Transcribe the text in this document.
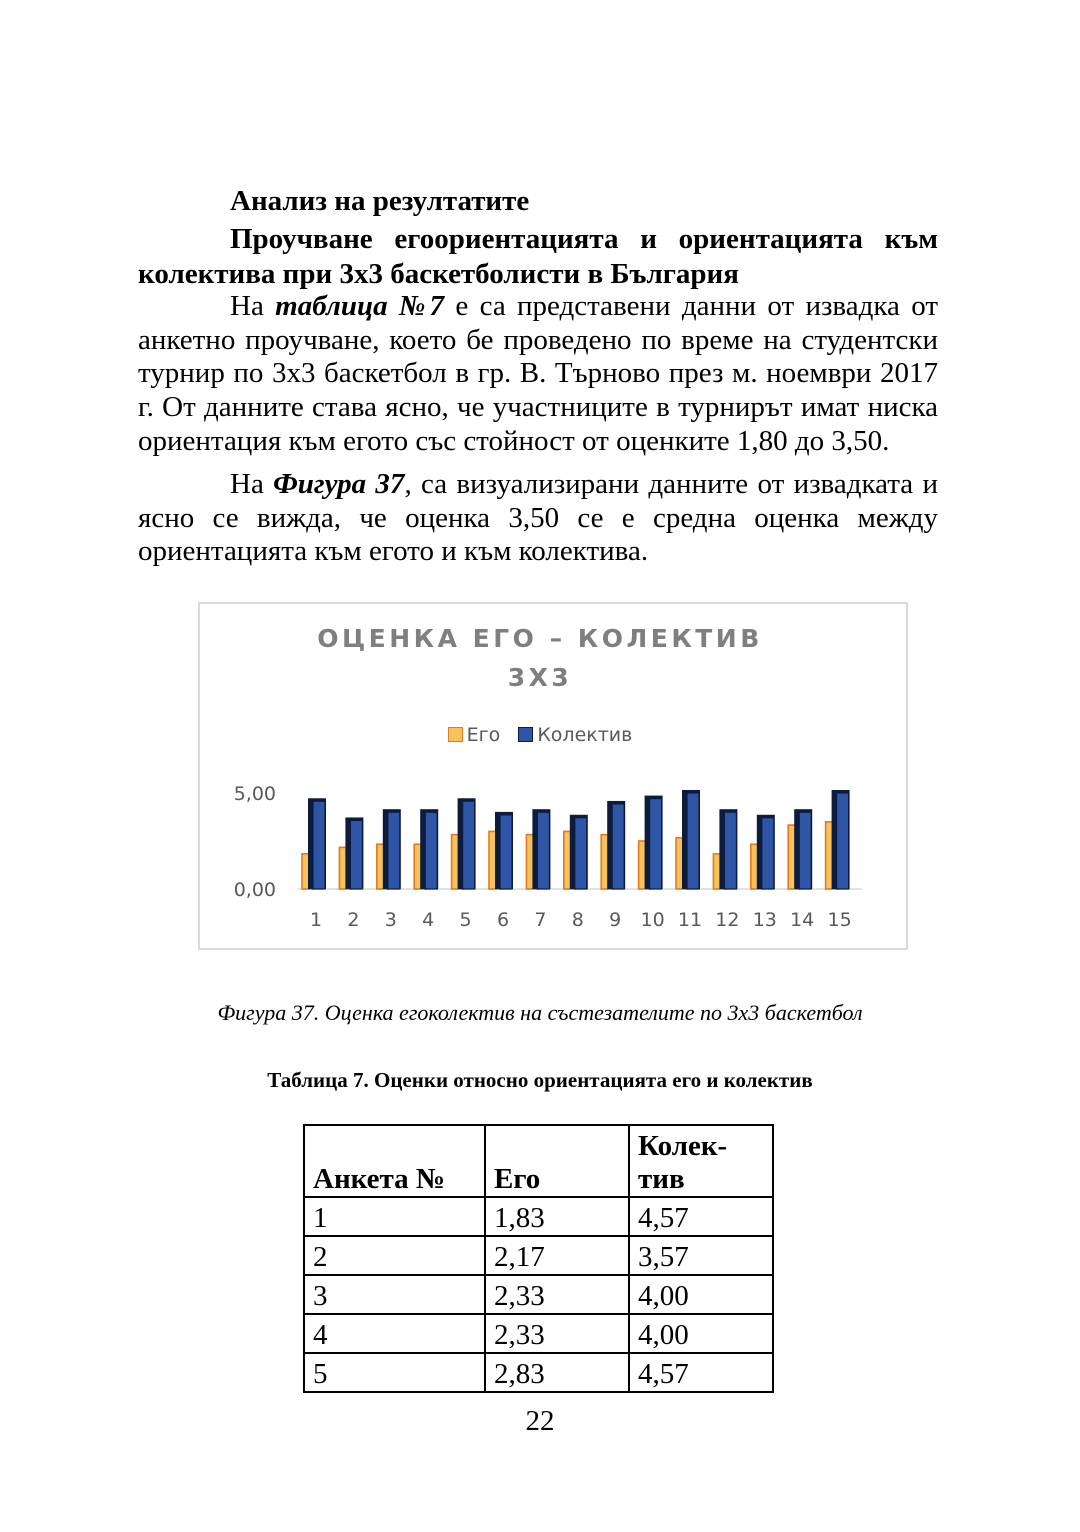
Анализ на резултатите
Проучване егоориентацията и ориентацията към колектива при 3х3 баскетболисти в България
На таблица №7 е са представени данни от извадка от анкетно проучване, което бе проведено по време на студентски турнир по 3х3 баскетбол в гр. В. Търново през м. ноември 2017 г. От данните става ясно, че участниците в турнирът имат ниска ориентация към егото със стойност от оценките 1,80 до 3,50.
На Фигура 37, са визуализирани данните от извадката и ясно се вижда, че оценка 3,50 се е средна оценка между ориентацията към егото и към колектива.
ОЦЕНКА ЕГО – КОЛЕКТИВ
3Х3
Его Колектив
0,00
5,00
1 2 3 4 5 6 7 8 9 10 11 12 13 14 15
Фигура 37. Оценка егоколектив на състезателите по 3х3 баскетбол
Таблица 7. Оценки относно ориентацията его и колектив
Анкета №	Его	Колек-
тив
1	1,83	4,57
2	2,17	3,57
3	2,33	4,00
4	2,33	4,00
5	2,83	4,57
22
